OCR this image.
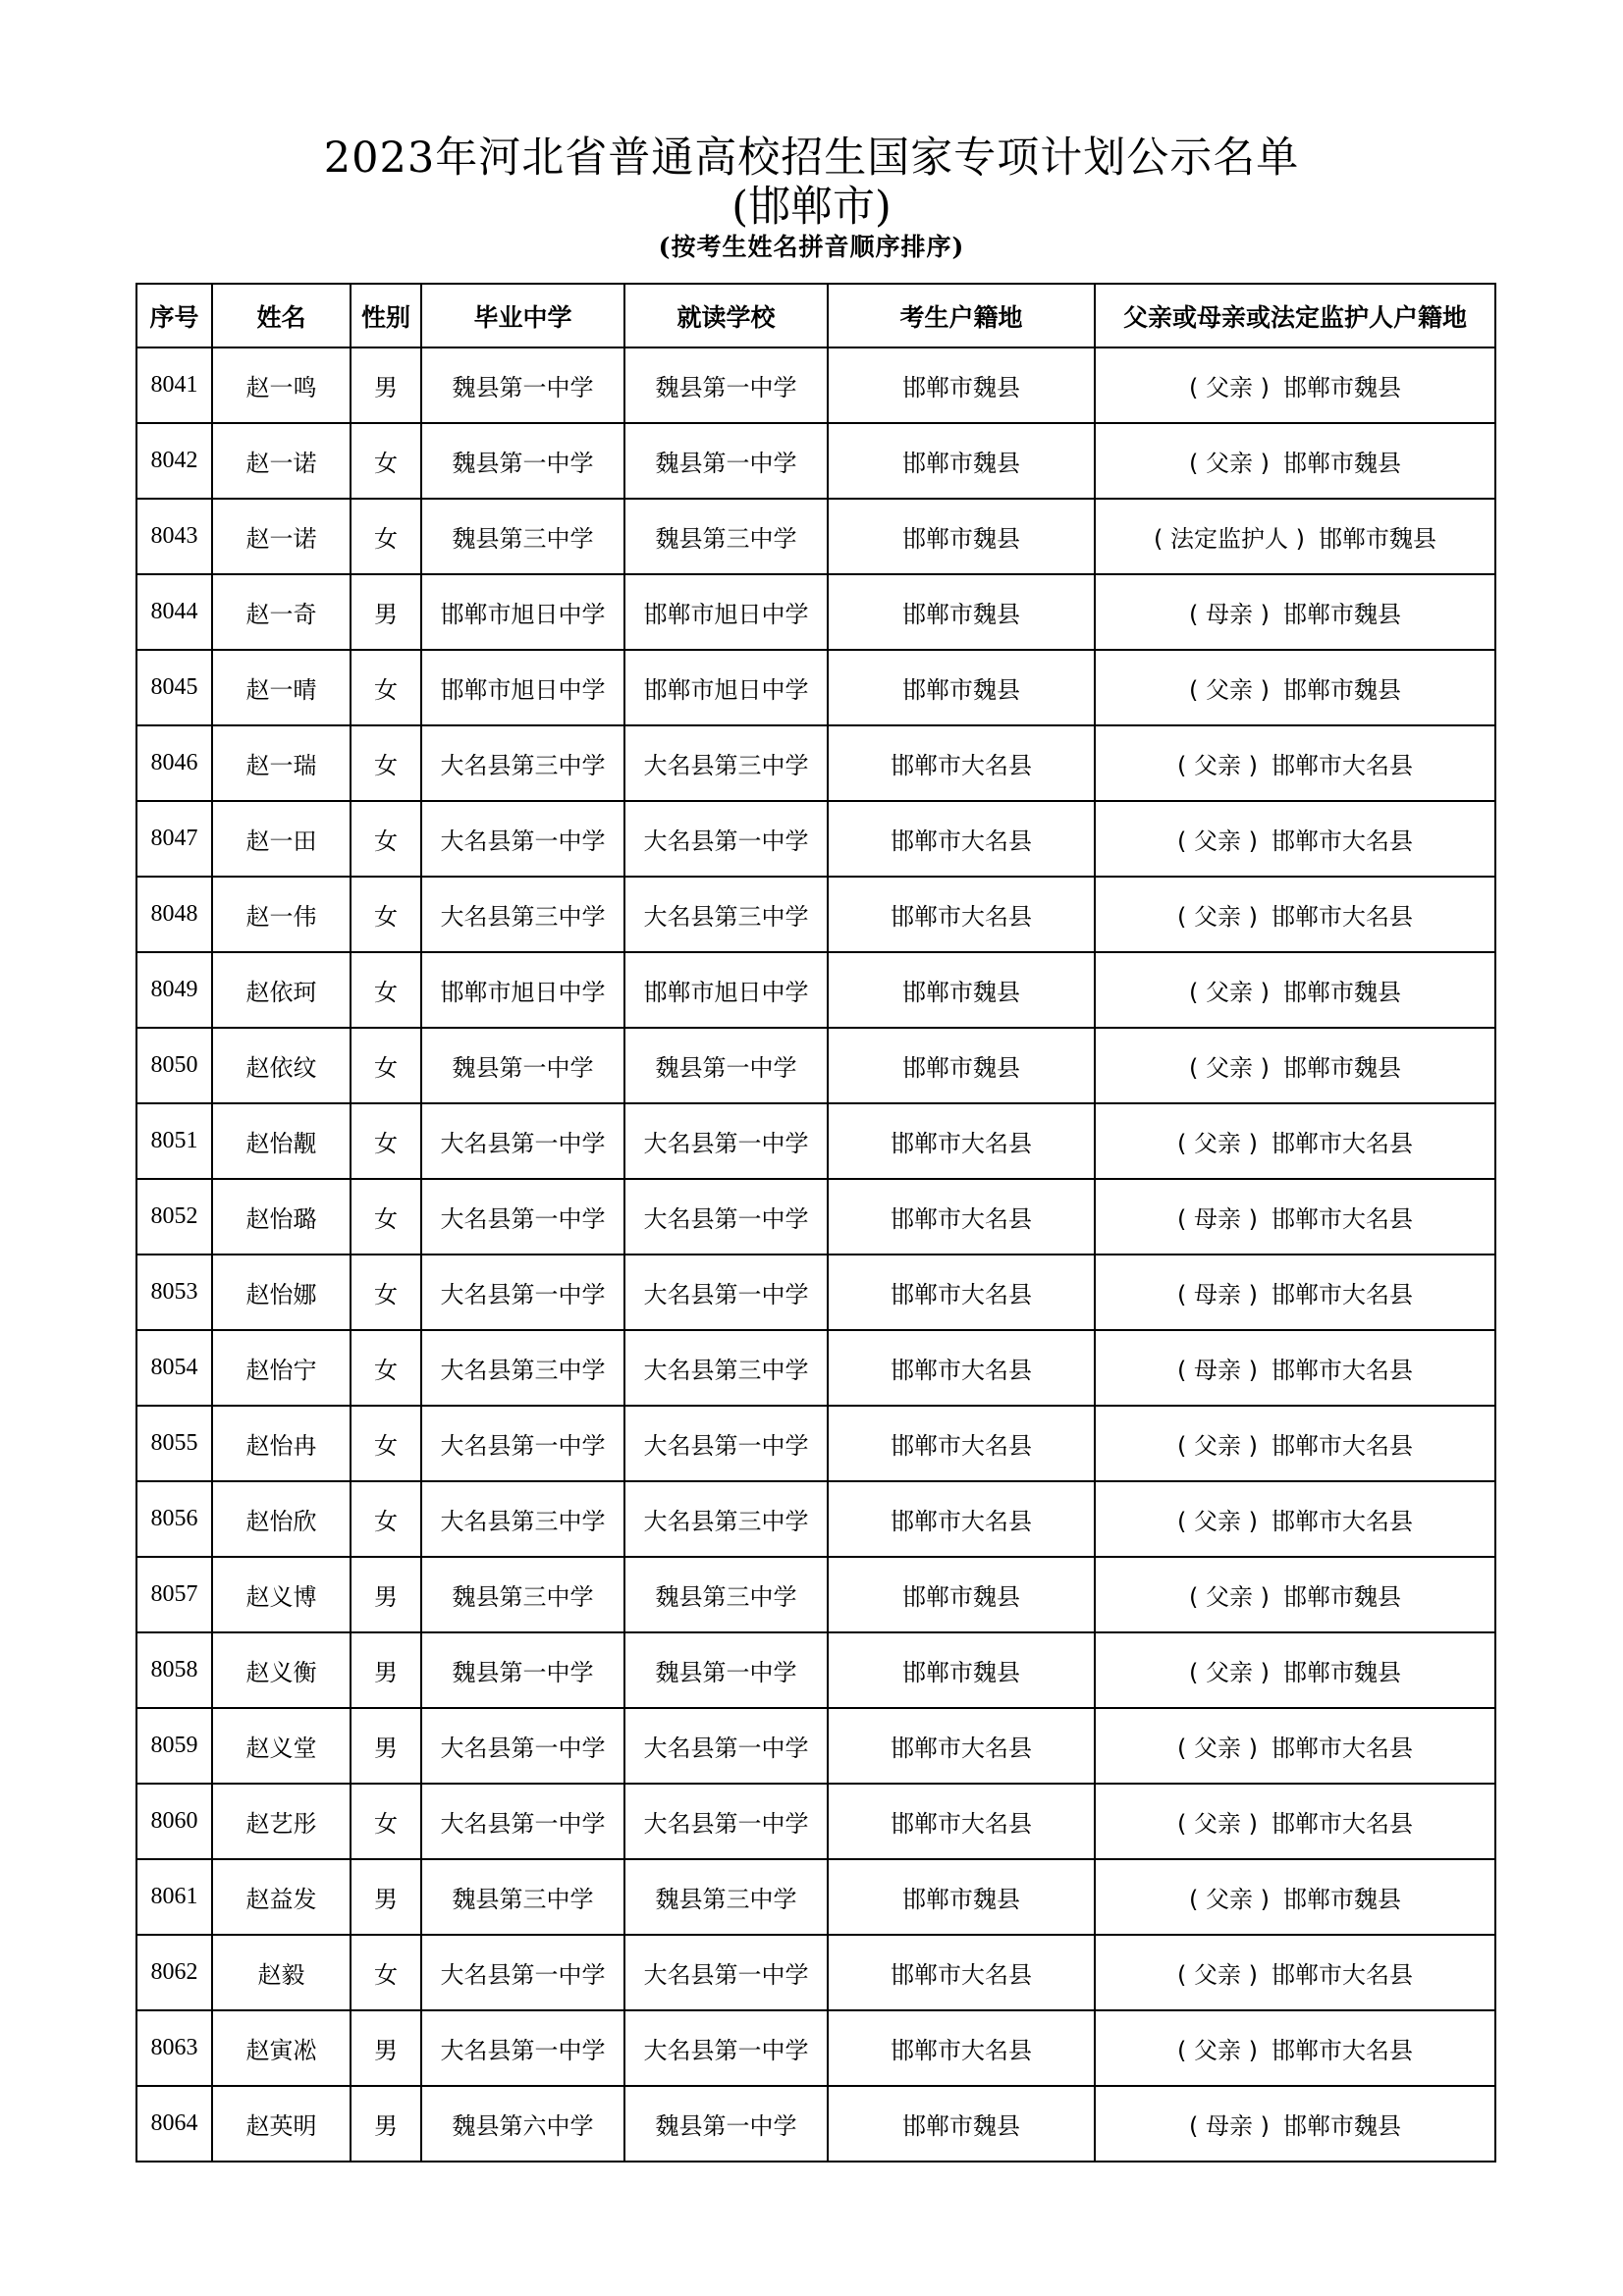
2023年河北省普通高校招生国家专项计划公示名单
(邯郸市)
(按考生姓名拼音顺序排序)
序号	姓名	性别	毕业中学	就读学校	考生户籍地	父亲或母亲或法定监护人户籍地
8041	赵一鸣	男	魏县第一中学	魏县第一中学	邯郸市魏县	( 父亲 ) 邯郸市魏县
8042	赵一诺	女	魏县第一中学	魏县第一中学	邯郸市魏县	( 父亲 ) 邯郸市魏县
8043	赵一诺	女	魏县第三中学	魏县第三中学	邯郸市魏县	( 法定监护人 ) 邯郸市魏县
8044	赵一奇	男	邯郸市旭日中学	邯郸市旭日中学	邯郸市魏县	( 母亲 ) 邯郸市魏县
8045	赵一晴	女	邯郸市旭日中学	邯郸市旭日中学	邯郸市魏县	( 父亲 ) 邯郸市魏县
8046	赵一瑞	女	大名县第三中学	大名县第三中学	邯郸市大名县	( 父亲 ) 邯郸市大名县
8047	赵一田	女	大名县第一中学	大名县第一中学	邯郸市大名县	( 父亲 ) 邯郸市大名县
8048	赵一伟	女	大名县第三中学	大名县第三中学	邯郸市大名县	( 父亲 ) 邯郸市大名县
8049	赵依珂	女	邯郸市旭日中学	邯郸市旭日中学	邯郸市魏县	( 父亲 ) 邯郸市魏县
8050	赵依纹	女	魏县第一中学	魏县第一中学	邯郸市魏县	( 父亲 ) 邯郸市魏县
8051	赵怡觏	女	大名县第一中学	大名县第一中学	邯郸市大名县	( 父亲 ) 邯郸市大名县
8052	赵怡璐	女	大名县第一中学	大名县第一中学	邯郸市大名县	( 母亲 ) 邯郸市大名县
8053	赵怡娜	女	大名县第一中学	大名县第一中学	邯郸市大名县	( 母亲 ) 邯郸市大名县
8054	赵怡宁	女	大名县第三中学	大名县第三中学	邯郸市大名县	( 母亲 ) 邯郸市大名县
8055	赵怡冉	女	大名县第一中学	大名县第一中学	邯郸市大名县	( 父亲 ) 邯郸市大名县
8056	赵怡欣	女	大名县第三中学	大名县第三中学	邯郸市大名县	( 父亲 ) 邯郸市大名县
8057	赵义博	男	魏县第三中学	魏县第三中学	邯郸市魏县	( 父亲 ) 邯郸市魏县
8058	赵义衡	男	魏县第一中学	魏县第一中学	邯郸市魏县	( 父亲 ) 邯郸市魏县
8059	赵义堂	男	大名县第一中学	大名县第一中学	邯郸市大名县	( 父亲 ) 邯郸市大名县
8060	赵艺彤	女	大名县第一中学	大名县第一中学	邯郸市大名县	( 父亲 ) 邯郸市大名县
8061	赵益发	男	魏县第三中学	魏县第三中学	邯郸市魏县	( 父亲 ) 邯郸市魏县
8062	赵毅	女	大名县第一中学	大名县第一中学	邯郸市大名县	( 父亲 ) 邯郸市大名县
8063	赵寅凇	男	大名县第一中学	大名县第一中学	邯郸市大名县	( 父亲 ) 邯郸市大名县
8064	赵英明	男	魏县第六中学	魏县第一中学	邯郸市魏县	( 母亲 ) 邯郸市魏县
